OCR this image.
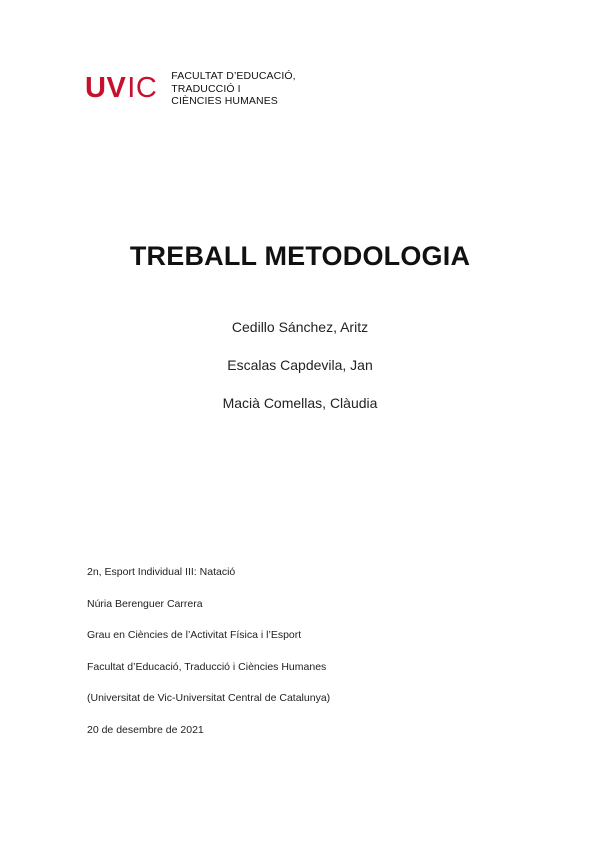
UV IC FACULTAT D’EDUCACIÓ,
TRADUCCIÓ I
CIÈNCIES HUMANES
TREBALL METODOLOGIA
Cedillo Sánchez, Aritz
Escalas Capdevila, Jan
Macià Comellas, Clàudia
2n, Esport Individual III: Natació
Núria Berenguer Carrera
Grau en Ciències de l’Activitat Física i l’Esport
Facultat d’Educació, Traducció i Ciències Humanes
(Universitat de Vic-Universitat Central de Catalunya)
20 de desembre de 2021
